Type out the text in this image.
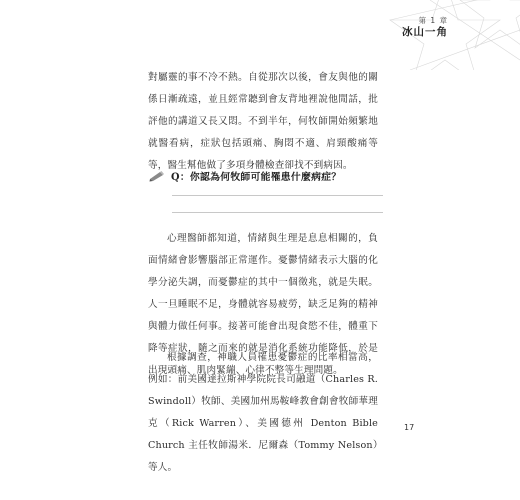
第 1 章
冰山一角

對屬靈的事不冷不熱。自從那次以後，會友與他的關係日漸疏遠，並且經常聽到會友背地裡說他閒話，批評他的講道又長又悶。不到半年，何牧師開始頻繁地就醫看病，症狀包括頭痛、胸悶不適、肩頸酸痛等等，醫生幫他做了多項身體檢查卻找不到病因。

Q：你認為何牧師可能罹患什麼病症？

心理醫師都知道，情緒與生理是息息相關的，負面情緒會影響腦部正常運作。憂鬱情緒表示大腦的化學分泌失調，而憂鬱症的其中一個徵兆，就是失眠。人一旦睡眠不足，身體就容易疲勞，缺乏足夠的精神與體力做任何事。接著可能會出現食慾不佳，體重下降等症狀，隨之而來的就是消化系統功能降低，於是出現頭痛、肌肉緊繃、心律不整等生理問題。

根據調查，神職人員罹患憂鬱症的比率相當高，例如：前美國達拉斯神學院院長司融道（Charles R. Swindoll）牧師、美國加州馬鞍峰教會創會牧師華理克（Rick Warren）、美國德州 Denton Bible Church 主任牧師湯米．尼爾森（Tommy Nelson）等人。

17
